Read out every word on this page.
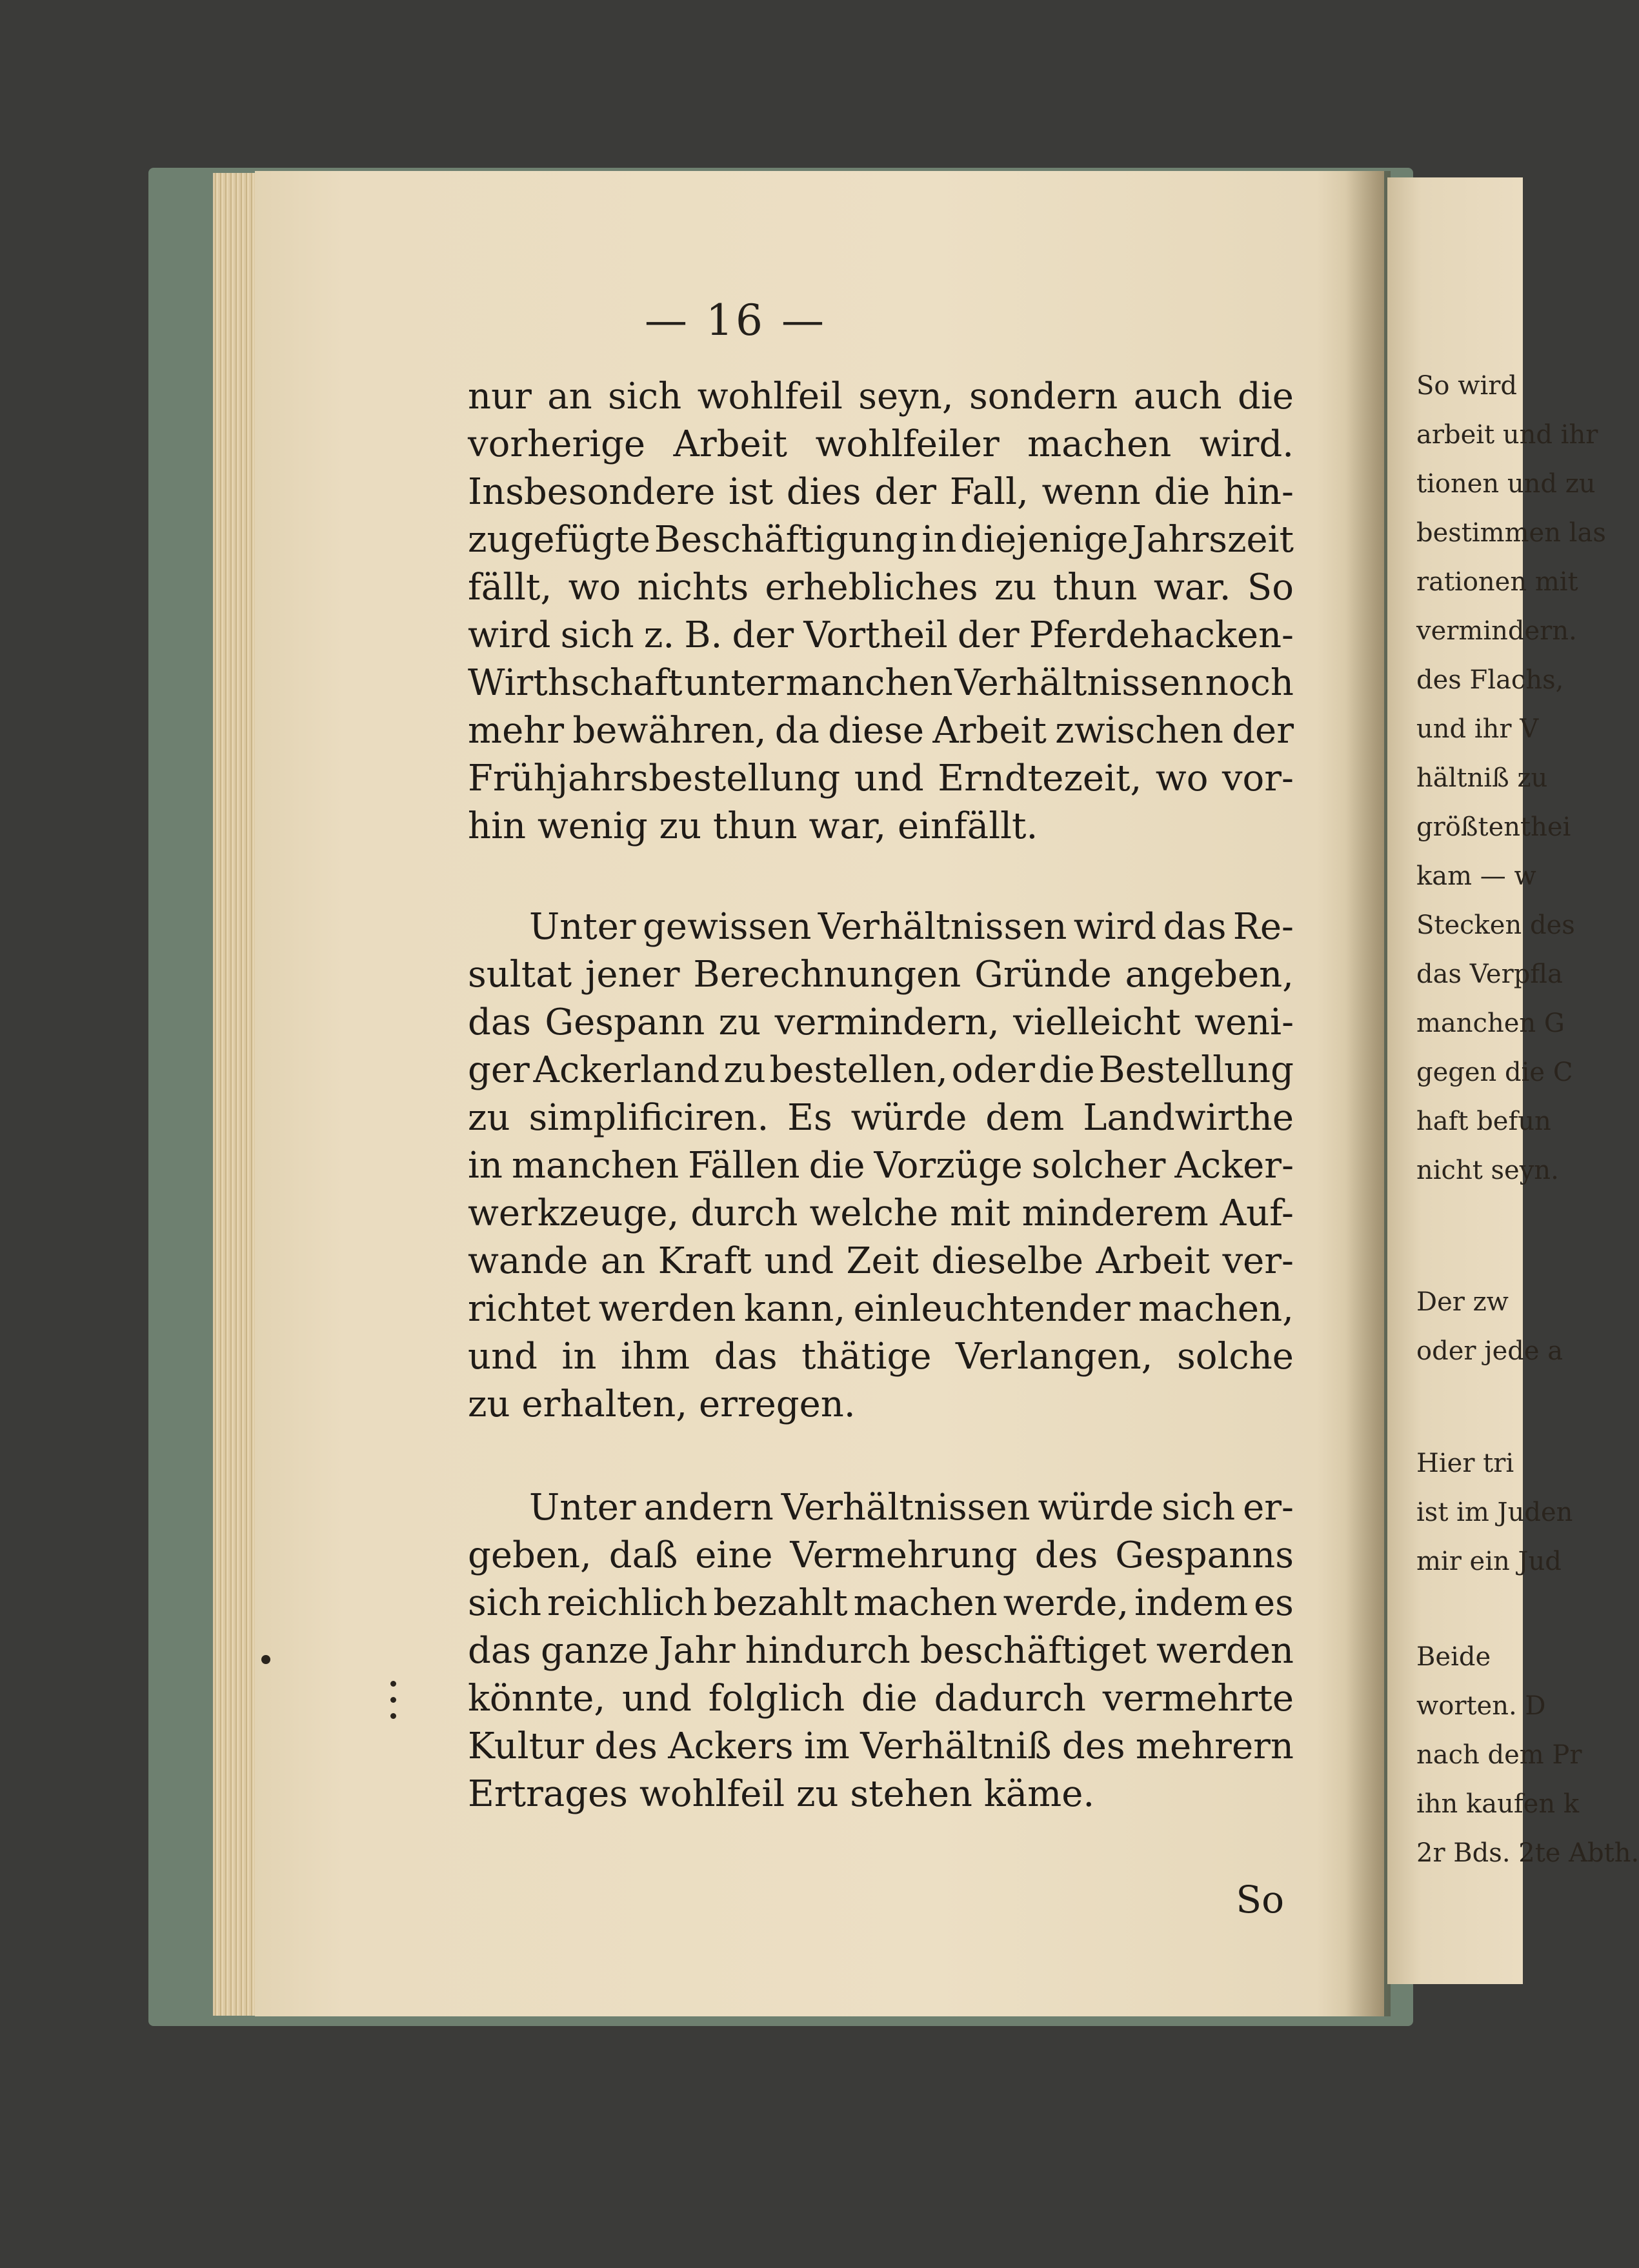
— 16 —
nur an sich wohlfeil seyn, sondern auch die
vorherige Arbeit wohlfeiler machen wird.
Insbesondere ist dies der Fall, wenn die hin-
zugefügte Beschäftigung in diejenige Jahrszeit
fällt, wo nichts erhebliches zu thun war. So
wird sich z. B. der Vortheil der Pferdehacken-
Wirthschaft unter manchen Verhältnissen noch
mehr bewähren, da diese Arbeit zwischen der
Frühjahrsbestellung und Erndtezeit, wo vor-
hin wenig zu thun war, einfällt.
Unter gewissen Verhältnissen wird das Re-
sultat jener Berechnungen Gründe angeben,
das Gespann zu vermindern, vielleicht weni-
ger Ackerland zu bestellen, oder die Bestellung
zu simplificiren. Es würde dem Landwirthe
in manchen Fällen die Vorzüge solcher Acker-
werkzeuge, durch welche mit minderem Auf-
wande an Kraft und Zeit dieselbe Arbeit ver-
richtet werden kann, einleuchtender machen,
und in ihm das thätige Verlangen, solche
zu erhalten, erregen.
Unter andern Verhältnissen würde sich er-
geben, daß eine Vermehrung des Gespanns
sich reichlich bezahlt machen werde, indem es
das ganze Jahr hindurch beschäftiget werden
könnte, und folglich die dadurch vermehrte
Kultur des Ackers im Verhältniß des mehrern
Ertrages wohlfeil zu stehen käme.
So
So wird
arbeit und ihr
tionen und zu
bestimmen las
rationen mit
vermindern.
des Flachs,
und ihr V
hältniß zu
größtenthei
kam — w
Stecken des
das Verpfla
manchen G
gegen die C
haft befun
nicht seyn.
Der zw
oder jede a
Hier tri
ist im Juden
mir ein Jud
Beide
worten. D
nach dem Pr
ihn kaufen k
2r Bds. 2te Abth.
